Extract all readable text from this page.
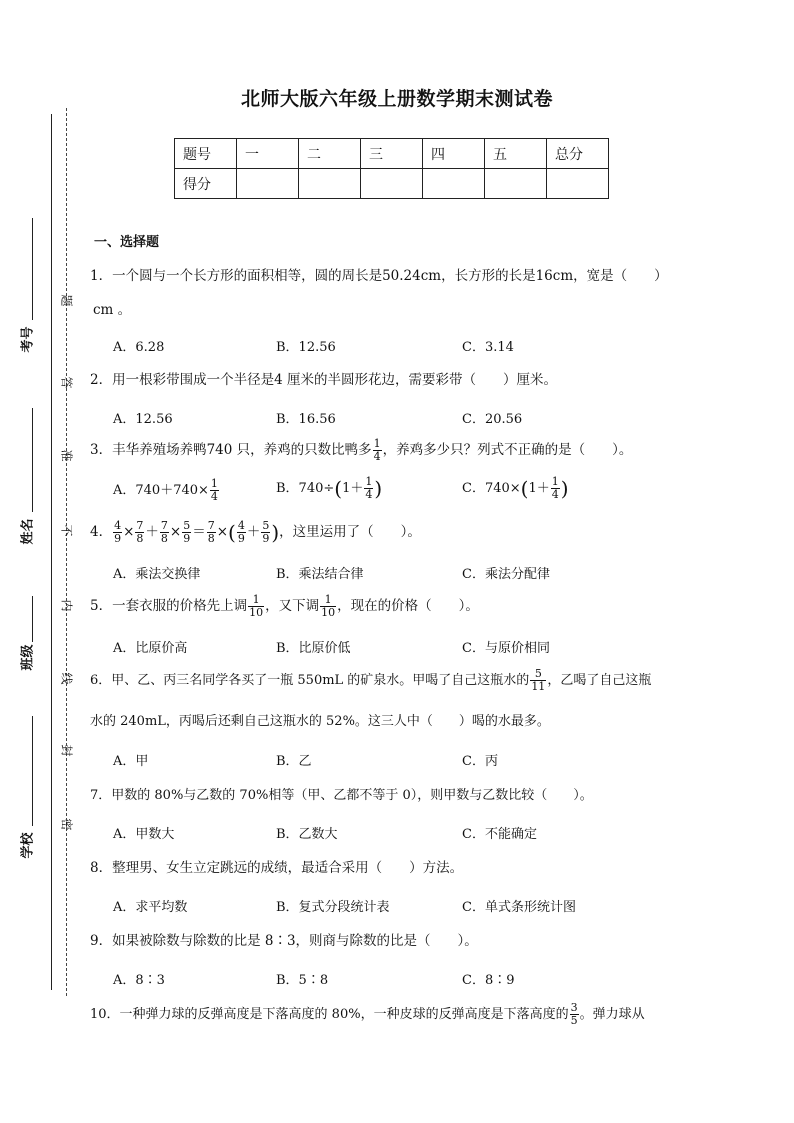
北师大版六年级上册数学期末测试卷
题号	一	二	三	四	五	总分
得分						
考号
姓名
班级
学校
题
答
准
不
内
线
封
密
一、选择题
1．一个圆与一个长方形的面积相等，圆的周长是50.24cm，长方形的长是16cm，宽是（　　）
cm 。
A．6.28	B．12.56	C．3.14
2．用一根彩带围成一个半径是4 厘米的半圆形花边，需要彩带（　　）厘米。
A．12.56	B．16.56	C．20.56
3．丰华养殖场养鸭740 只，养鸡的只数比鸭多 $\frac{1}{4}$ ，养鸡多少只？列式不正确的是（　　）。
A．$740+740\times \frac{1}{4}$	B．$740\div(1+ \frac{1}{4}$ )	C．$740\times(1+ \frac{1}{4}$ )
4． $\frac{4}{9} \times \frac{7}{8} + \frac{7}{8} \times \frac{5}{9} = \frac{7}{8}$ ×( $\frac{4}{9} + \frac{5}{9}$ )，这里运用了（　　）。
A．乘法交换律	B．乘法结合律	C．乘法分配律
5．一套衣服的价格先上调 $\frac{1}{10}$ ，又下调 $\frac{1}{10}$ ，现在的价格（　　）。
A．比原价高	B．比原价低	C．与原价相同
6．甲、乙、丙三名同学各买了一瓶 550mL 的矿泉水。甲喝了自己这瓶水的 $\frac{5}{11}$ ，乙喝了自己这瓶
水的 240mL，丙喝后还剩自己这瓶水的 52%。这三人中（　　）喝的水最多。
A．甲	B．乙	C．丙
7．甲数的 80%与乙数的 70%相等（甲、乙都不等于 0），则甲数与乙数比较（　　）。
A．甲数大	B．乙数大	C．不能确定
8．整理男、女生立定跳远的成绩，最适合采用（　　）方法。
A．求平均数	B．复式分段统计表	C．单式条形统计图
9．如果被除数与除数的比是 8∶3，则商与除数的比是（　　）。
A．8∶3	B．5∶8	C．8∶9
10．一种弹力球的反弹高度是下落高度的 80%，一种皮球的反弹高度是下落高度的 $\frac{3}{5}$ 。弹力球从
